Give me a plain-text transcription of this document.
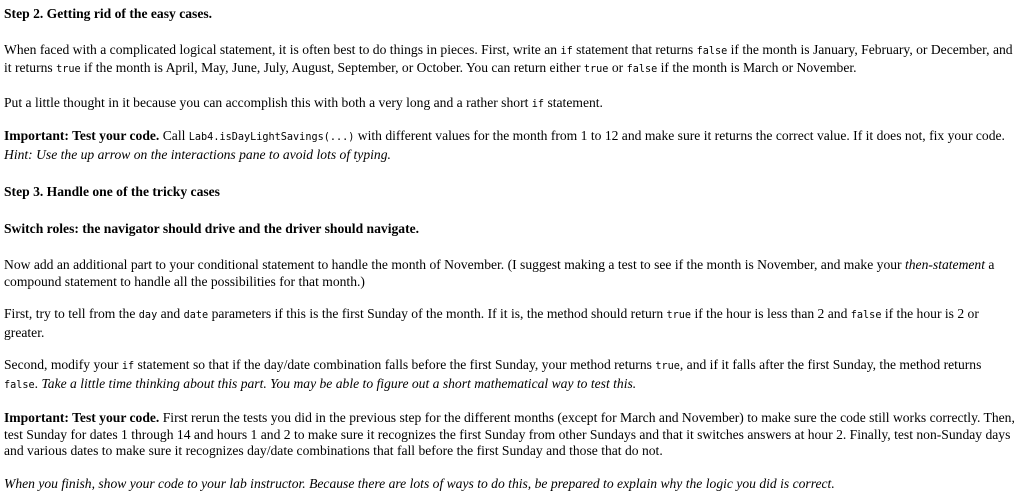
Step 2. Getting rid of the easy cases.

When faced with a complicated logical statement, it is often best to do things in pieces. First, write an if statement that returns false if the month is January, February, or December, and it returns true if the month is April, May, June, July, August, September, or October. You can return either true or false if the month is March or November.

Put a little thought in it because you can accomplish this with both a very long and a rather short if statement.

Important: Test your code. Call Lab4.isDayLightSavings(...) with different values for the month from 1 to 12 and make sure it returns the correct value. If it does not, fix your code. Hint: Use the up arrow on the interactions pane to avoid lots of typing.

Step 3. Handle one of the tricky cases

Switch roles: the navigator should drive and the driver should navigate.

Now add an additional part to your conditional statement to handle the month of November. (I suggest making a test to see if the month is November, and make your then-statement a compound statement to handle all the possibilities for that month.)

First, try to tell from the day and date parameters if this is the first Sunday of the month. If it is, the method should return true if the hour is less than 2 and false if the hour is 2 or greater.

Second, modify your if statement so that if the day/date combination falls before the first Sunday, your method returns true, and if it falls after the first Sunday, the method returns false. Take a little time thinking about this part. You may be able to figure out a short mathematical way to test this.

Important: Test your code. First rerun the tests you did in the previous step for the different months (except for March and November) to make sure the code still works correctly. Then, test Sunday for dates 1 through 14 and hours 1 and 2 to make sure it recognizes the first Sunday from other Sundays and that it switches answers at hour 2. Finally, test non-Sunday days and various dates to make sure it recognizes day/date combinations that fall before the first Sunday and those that do not.

When you finish, show your code to your lab instructor. Because there are lots of ways to do this, be prepared to explain why the logic you did is correct.
